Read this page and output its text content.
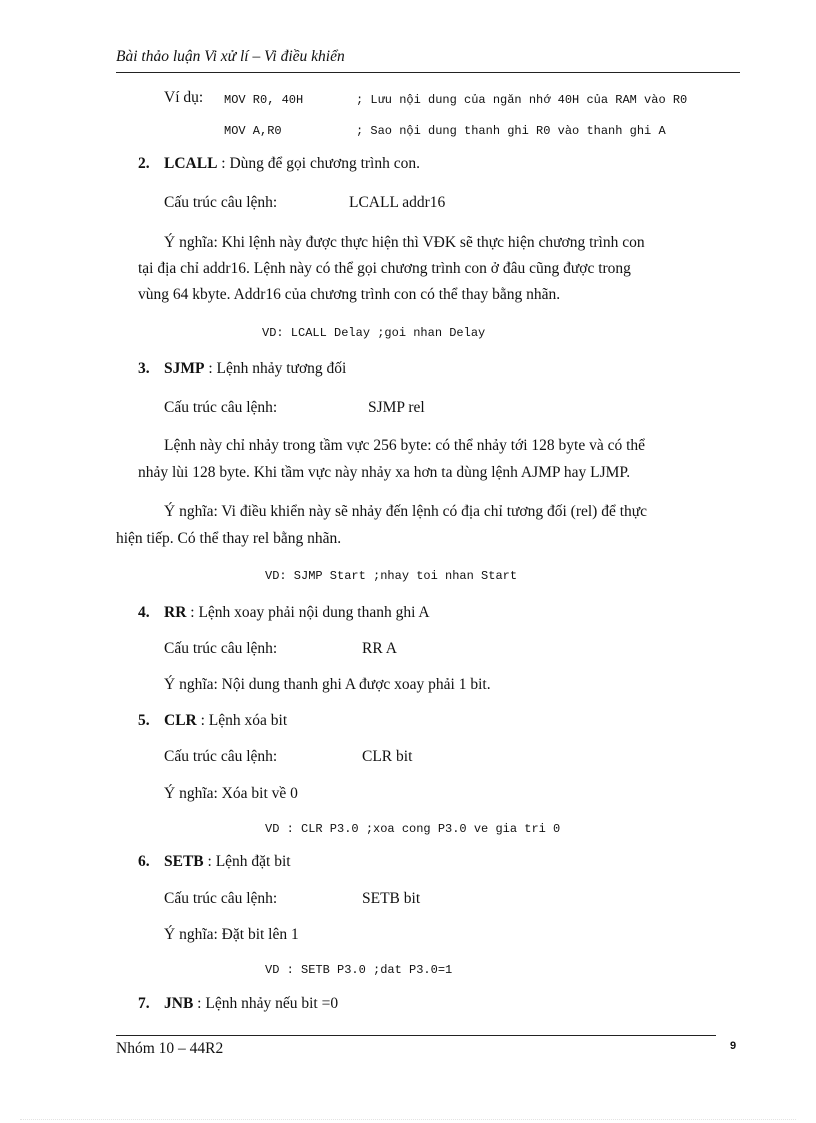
Bài thảo luận Vi xử lí – Vi điều khiển
Ví dụ: MOV R0, 40H	; Lưu nội dung của ngăn nhớ 40H của RAM vào R0
MOV A,R0	; Sao nội dung thanh ghi R0 vào thanh ghi A
2. LCALL : Dùng để gọi chương trình con.
Cấu trúc câu lệnh:	LCALL addr16
Ý nghĩa: Khi lệnh này được thực hiện thì VĐK sẽ thực hiện chương trình con
tại địa chỉ addr16. Lệnh này có thể gọi chương trình con ở đâu cũng được trong
vùng 64 kbyte. Addr16 của chương trình con có thể thay bằng nhãn.
VD: LCALL Delay ;goi nhan Delay
3. SJMP : Lệnh nhảy tương đối
Cấu trúc câu lệnh:	SJMP rel
Lệnh này chỉ nhảy trong tầm vực 256 byte: có thể nhảy tới 128 byte và có thể
nhảy lùi 128 byte. Khi tầm vực này nhảy xa hơn ta dùng lệnh AJMP hay LJMP.
Ý nghĩa: Vi điều khiển này sẽ nhảy đến lệnh có địa chỉ tương đối (rel) để thực
hiện tiếp. Có thể thay rel bằng nhãn.
VD: SJMP Start ;nhay toi nhan Start
4. RR : Lệnh xoay phải nội dung thanh ghi A
Cấu trúc câu lệnh:	RR A
Ý nghĩa: Nội dung thanh ghi A được xoay phải 1 bit.
5. CLR : Lệnh xóa bit
Cấu trúc câu lệnh:	CLR bit
Ý nghĩa: Xóa bit về 0
VD : CLR P3.0 ;xoa cong P3.0 ve gia tri 0
6. SETB : Lệnh đặt bit
Cấu trúc câu lệnh:	SETB bit
Ý nghĩa: Đặt bit lên 1
VD : SETB P3.0 ;dat P3.0=1
7. JNB : Lệnh nhảy nếu bit =0
Nhóm 10 – 44R2	9
